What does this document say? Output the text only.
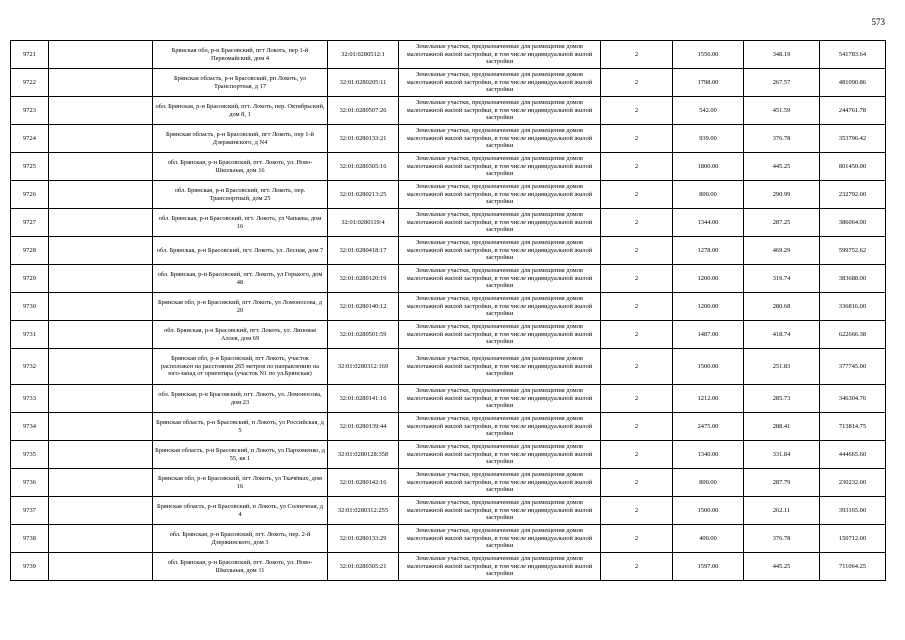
573
9721		Брянская обл, р-н Брасовский, пгт Локоть, пер 1-й Первомайский, дом 4	32:01:0280512:1	Земельные участки, предназначенные для размещения домов малоэтажной жилой застройки, в том числе индивидуальной жилой застройки	2	1556.00	348.19	541783.64
9722		Брянская область, р-н Брасовский, рп Локоть, ул Транспортная, д 17	32:01:0280205:11	Земельные участки, предназначенные для размещения домов малоэтажной жилой застройки, в том числе индивидуальной жилой застройки	2	1798.00	267.57	481090.86
9723		обл. Брянская, р-н Брасовский, пгт. Локоть, пер. Октябрьский, дом 8, 1	32:01:0280507:26	Земельные участки, предназначенные для размещения домов малоэтажной жилой застройки, в том числе индивидуальной жилой застройки	2	542.00	451.59	244761.78
9724		Брянская область, р-н Брасовский, пгт Локоть, пер 1-й Дзержинского, д N4	32:01:0280133:21	Земельные участки, предназначенные для размещения домов малоэтажной жилой застройки, в том числе индивидуальной жилой застройки	2	939.00	376.78	353796.42
9725		обл. Брянская, р-н Брасовский, пгт. Локоть, ул. Ново-Школьная, дом 16	32:01:0280305:16	Земельные участки, предназначенные для размещения домов малоэтажной жилой застройки, в том числе индивидуальной жилой застройки	2	1800.00	445.25	801450.00
9726		обл. Брянская, р-н Брасовский, пгт. Локоть, пер. Транспортный, дом 25	32:01:0280213:25	Земельные участки, предназначенные для размещения домов малоэтажной жилой застройки, в том числе индивидуальной жилой застройки	2	800.00	290.99	232792.00
9727		обл. Брянская, р-н Брасовский, пгт. Локоть, ул Чапаева, дом 16	32:01:0280119:4	Земельные участки, предназначенные для размещения домов малоэтажной жилой застройки, в том числе индивидуальной жилой застройки	2	1344.00	287.25	386064.00
9728		обл. Брянская, р-н Брасовский, пгт. Локоть, ул. Лесная, дом 7	32:01:0280418:17	Земельные участки, предназначенные для размещения домов малоэтажной жилой застройки, в том числе индивидуальной жилой застройки	2	1278.00	469.29	599752.62
9729		обл. Брянская, р-н Брасовский, пгт. Локоть, ул Горького, дом 48	32:01:0280120:19	Земельные участки, предназначенные для размещения домов малоэтажной жилой застройки, в том числе индивидуальной жилой застройки	2	1200.00	319.74	383688.00
9730		Брянская обл, р-н Брасовский, пгт Локоть, ул Ломоносова, д 20	32:01:0280140:12	Земельные участки, предназначенные для размещения домов малоэтажной жилой застройки, в том числе индивидуальной жилой застройки	2	1200.00	280.68	336816.00
9731		обл. Брянская, р-н Брасовский, пгт. Локоть, ул. Липовая Аллея, дом 69	32:01:0280501:59	Земельные участки, предназначенные для размещения домов малоэтажной жилой застройки, в том числе индивидуальной жилой застройки	2	1487.00	418.74	622666.38
9732		Брянская обл, р-н Брасовский, пгт Локоть, участок расположен на расстоянии 265 метров по направлению на юго-запад от ориентира (участок N1 по ул.Брянская)	32:01:0280312:169	Земельные участки, предназначенные для размещения домов малоэтажной жилой застройки, в том числе индивидуальной жилой застройки	2	1500.00	251.83	377745.00
9733		обл. Брянская, р-н Брасовский, пгт. Локоть, ул. Ломоносова, дом 23	32:01:0280141:16	Земельные участки, предназначенные для размещения домов малоэтажной жилой застройки, в том числе индивидуальной жилой застройки	2	1212.00	285.73	346304.76
9734		Брянская область, р-н Брасовский, п Локоть, ул Российская, д 5	32:01:0280139:44	Земельные участки, предназначенные для размещения домов малоэтажной жилой застройки, в том числе индивидуальной жилой застройки	2	2475.00	288.41	713814.75
9735		Брянская область, р-н Брасовский, п Локоть, ул Пархоменко, д 55, кв 1	32:01:0280128:358	Земельные участки, предназначенные для размещения домов малоэтажной жилой застройки, в том числе индивидуальной жилой застройки	2	1340.00	331.84	444665.60
9736		Брянская обл, р-н Брасовский, пгт Локоть, ул Ткачёвых, дом 16	32:01:0280142:16	Земельные участки, предназначенные для размещения домов малоэтажной жилой застройки, в том числе индивидуальной жилой застройки	2	800.00	287.79	230232.00
9737		Брянская область, р-н Брасовский, п Локоть, ул Солнечная, д 4	32:01:0280312:255	Земельные участки, предназначенные для размещения домов малоэтажной жилой застройки, в том числе индивидуальной жилой застройки	2	1500.00	262.11	393165.00
9738		обл. Брянская, р-н Брасовский, пгт. Локоть, пер. 2-й Дзержинского, дом 3	32:01:0280133:29	Земельные участки, предназначенные для размещения домов малоэтажной жилой застройки, в том числе индивидуальной жилой застройки	2	400.00	376.78	150712.00
9739		обл. Брянская, р-н Брасовский, пгт. Локоть, ул. Ново-Школьная, дом 11	32:01:0280305:21	Земельные участки, предназначенные для размещения домов малоэтажной жилой застройки, в том числе индивидуальной жилой застройки	2	1597.00	445.25	711064.25
